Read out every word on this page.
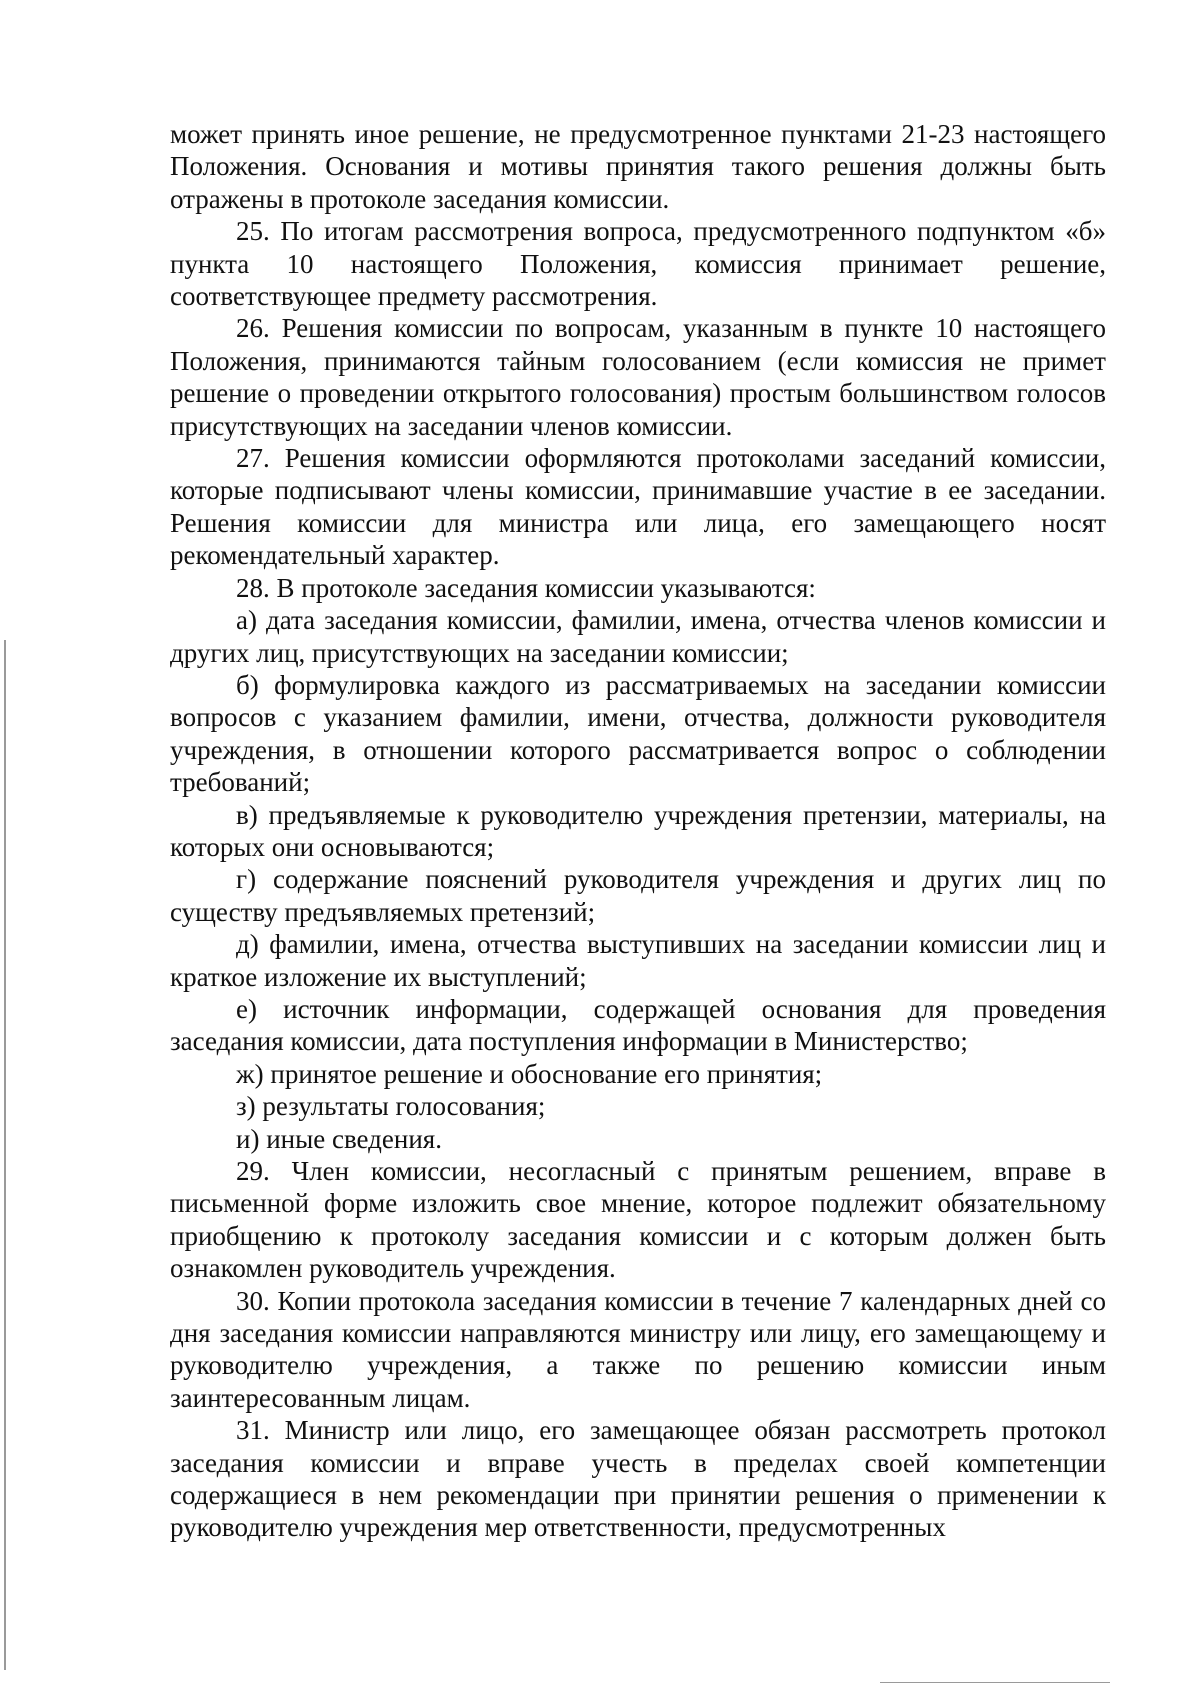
может принять иное решение, не предусмотренное пунктами 21-23 настоящего Положения. Основания и мотивы принятия такого решения должны быть отражены в протоколе заседания комиссии.

25. По итогам рассмотрения вопроса, предусмотренного подпунктом «б» пункта 10 настоящего Положения, комиссия принимает решение, соответствующее предмету рассмотрения.

26. Решения комиссии по вопросам, указанным в пункте 10 настоящего Положения, принимаются тайным голосованием (если комиссия не примет решение о проведении открытого голосования) простым большинством голосов присутствующих на заседании членов комиссии.

27. Решения комиссии оформляются протоколами заседаний комиссии, которые подписывают члены комиссии, принимавшие участие в ее заседании. Решения комиссии для министра или лица, его замещающего носят рекомендательный характер.

28. В протоколе заседания комиссии указываются:

а) дата заседания комиссии, фамилии, имена, отчества членов комиссии и других лиц, присутствующих на заседании комиссии;

б) формулировка каждого из рассматриваемых на заседании комиссии вопросов с указанием фамилии, имени, отчества, должности руководителя учреждения, в отношении которого рассматривается вопрос о соблюдении требований;

в) предъявляемые к руководителю учреждения претензии, материалы, на которых они основываются;

г) содержание пояснений руководителя учреждения и других лиц по существу предъявляемых претензий;

д) фамилии, имена, отчества выступивших на заседании комиссии лиц и краткое изложение их выступлений;

е) источник информации, содержащей основания для проведения заседания комиссии, дата поступления информации в Министерство;

ж) принятое решение и обоснование его принятия;

з) результаты голосования;

и) иные сведения.

29. Член комиссии, несогласный с принятым решением, вправе в письменной форме изложить свое мнение, которое подлежит обязательному приобщению к протоколу заседания комиссии и с которым должен быть ознакомлен руководитель учреждения.

30. Копии протокола заседания комиссии в течение 7 календарных дней со дня заседания комиссии направляются министру или лицу, его замещающему и руководителю учреждения, а также по решению комиссии иным заинтересованным лицам.

31. Министр или лицо, его замещающее обязан рассмотреть протокол заседания комиссии и вправе учесть в пределах своей компетенции содержащиеся в нем рекомендации при принятии решения о применении к руководителю учреждения мер ответственности, предусмотренных
